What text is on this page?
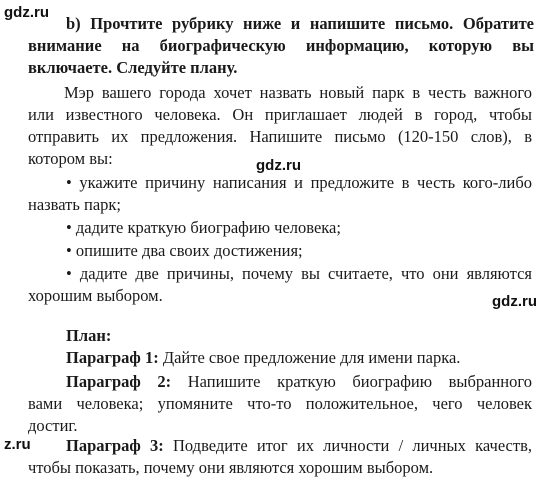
gdz.ru
gdz.ru
gdz.ru
z.ru
b) Прочтите рубрику ниже и напишите письмо. Обратите
внимание на биографическую информацию, которую вы
включаете. Следуйте плану.
Мэр вашего города хочет назвать новый парк в честь важного
или известного человека. Он приглашает людей в город, чтобы
отправить их предложения. Напишите письмо (120-150 слов), в
котором вы:
• укажите причину написания и предложите в честь кого-либо
назвать парк;
• дадите краткую биографию человека;
• опишите два своих достижения;
• дадите две причины, почему вы считаете, что они являются
хорошим выбором.
План:
Параграф 1: Дайте свое предложение для имени парка.
Параграф 2: Напишите краткую биографию выбранного
вами человека; упомяните что-то положительное, чего человек
достиг.
Параграф 3: Подведите итог их личности / личных качеств,
чтобы показать, почему они являются хорошим выбором.
